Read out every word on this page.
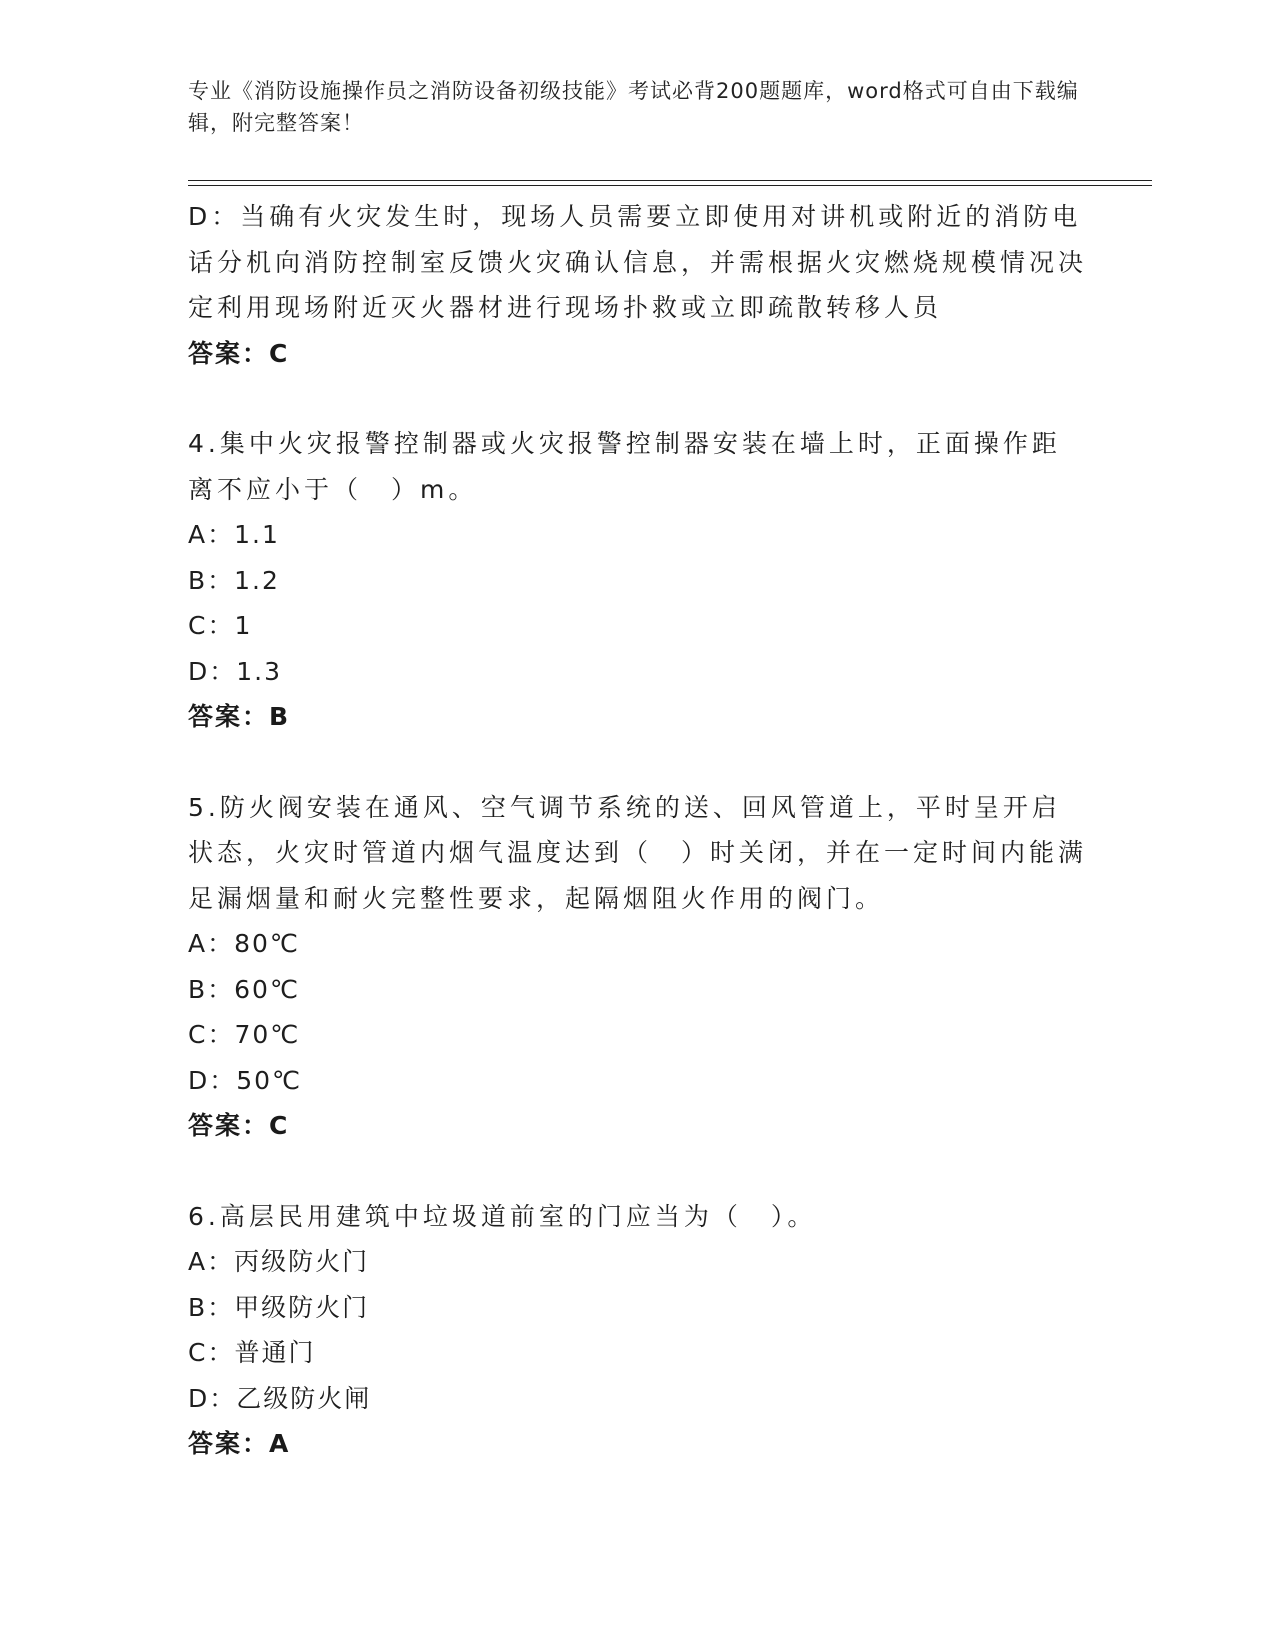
专业《消防设施操作员之消防设备初级技能》考试必背200题题库，word格式可自由下载编辑，附完整答案！
D：当确有火灾发生时，现场人员需要立即使用对讲机或附近的消防电话分机向消防控制室反馈火灾确认信息，并需根据火灾燃烧规模情况决定利用现场附近灭火器材进行现场扑救或立即疏散转移人员
答案：C
4.集中火灾报警控制器或火灾报警控制器安装在墙上时，正面操作距离不应小于（　）m。
A：1.1
B：1.2
C：1
D：1.3
答案：B
5.防火阀安装在通风、空气调节系统的送、回风管道上，平时呈开启状态，火灾时管道内烟气温度达到（　）时关闭，并在一定时间内能满足漏烟量和耐火完整性要求，起隔烟阻火作用的阀门。
A：80℃
B：60℃
C：70℃
D：50℃
答案：C
6.高层民用建筑中垃圾道前室的门应当为（　）。
A：丙级防火门
B：甲级防火门
C：普通门
D：乙级防火闸
答案：A
